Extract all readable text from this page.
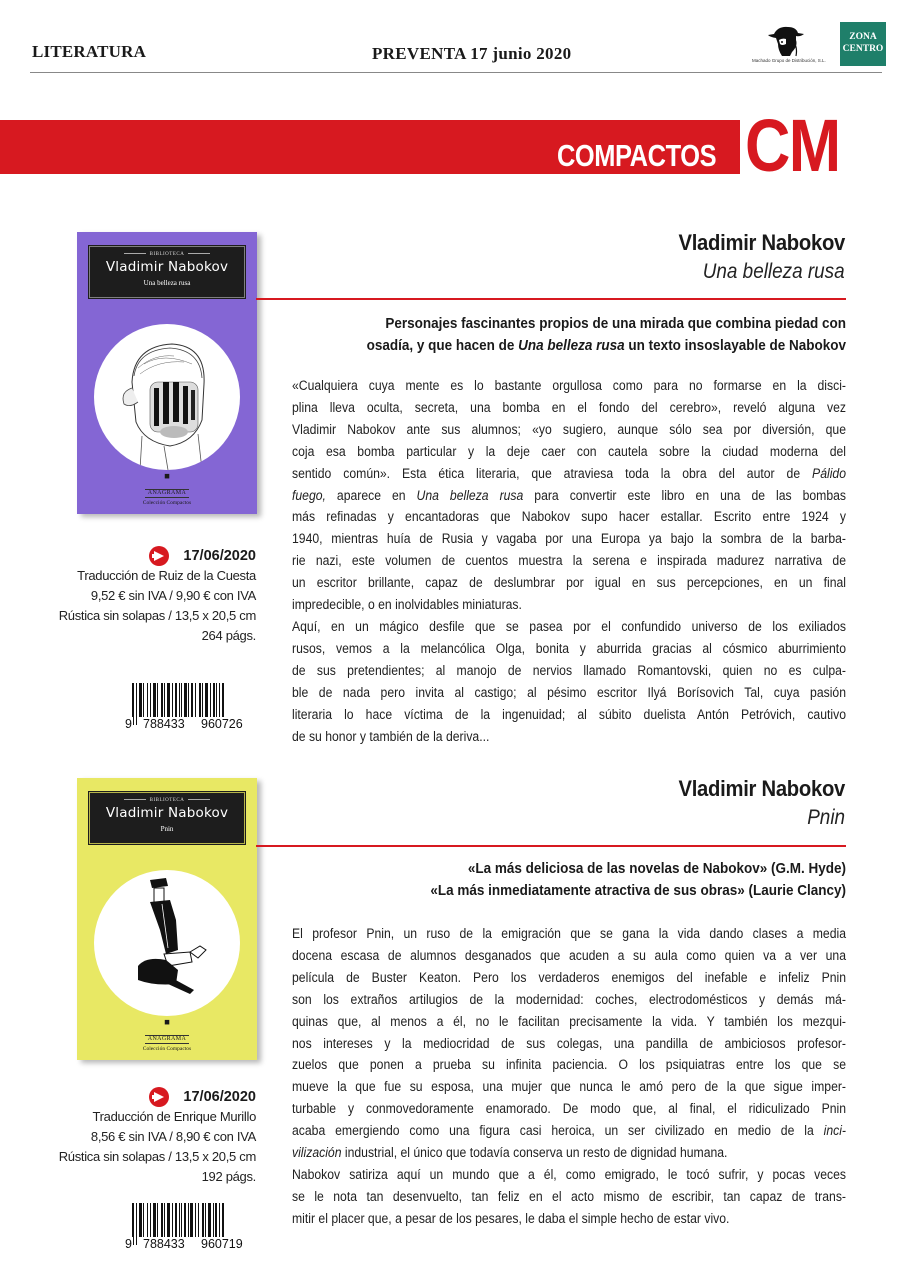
LITERATURA	PREVENTA 17 junio 2020	Machado Grupo de Distribución, S.L.
ZONA
CENTRO
COMPACTOS CM
BIBLIOTECA
Vladimir Nabokov
Una belleza rusa
◼
ANAGRAMA
Colección Compactos
17/06/2020
Traducción de Ruiz de la Cuesta
9,52 € sin IVA / 9,90 € con IVA
Rústica sin solapas / 13,5 x 20,5 cm
264 págs.
9 788433 960726
Vladimir Nabokov
Una belleza rusa
Personajes fascinantes propios de una mirada que combina piedad con
osadía, y que hacen de Una belleza rusa un texto insoslayable de Nabokov
«Cualquiera cuya mente es lo bastante orgullosa como para no formarse en la disci-
plina lleva oculta, secreta, una bomba en el fondo del cerebro», reveló alguna vez
Vladimir Nabokov ante sus alumnos; «yo sugiero, aunque sólo sea por diversión, que
coja esa bomba particular y la deje caer con cautela sobre la ciudad moderna del
sentido común». Esta ética literaria, que atraviesa toda la obra del autor de Pálido
fuego, aparece en Una belleza rusa para convertir este libro en una de las bombas
más refinadas y encantadoras que Nabokov supo hacer estallar. Escrito entre 1924 y
1940, mientras huía de Rusia y vagaba por una Europa ya bajo la sombra de la barba-
rie nazi, este volumen de cuentos muestra la serena e inspirada madurez narrativa de
un escritor brillante, capaz de deslumbrar por igual en sus percepciones, en un final
impredecible, o en inolvidables miniaturas.
Aquí, en un mágico desfile que se pasea por el confundido universo de los exiliados
rusos, vemos a la melancólica Olga, bonita y aburrida gracias al cósmico aburrimiento
de sus pretendientes; al manojo de nervios llamado Romantovski, quien no es culpa-
ble de nada pero invita al castigo; al pésimo escritor Ilyá Borísovich Tal, cuya pasión
literaria lo hace víctima de la ingenuidad; al súbito duelista Antón Petróvich, cautivo
de su honor y también de la deriva...
BIBLIOTECA
Vladimir Nabokov
Pnin
◼
ANAGRAMA
Colección Compactos
17/06/2020
Traducción de Enrique Murillo
8,56 € sin IVA / 8,90 € con IVA
Rústica sin solapas / 13,5 x 20,5 cm
192 págs.
9 788433 960719
Vladimir Nabokov
Pnin
«La más deliciosa de las novelas de Nabokov» (G.M. Hyde)
«La más inmediatamente atractiva de sus obras» (Laurie Clancy)
El profesor Pnin, un ruso de la emigración que se gana la vida dando clases a media
docena escasa de alumnos desganados que acuden a su aula como quien va a ver una
película de Buster Keaton. Pero los verdaderos enemigos del inefable e infeliz Pnin
son los extraños artilugios de la modernidad: coches, electrodomésticos y demás má-
quinas que, al menos a él, no le facilitan precisamente la vida. Y también los mezqui-
nos intereses y la mediocridad de sus colegas, una pandilla de ambiciosos profesor-
zuelos que ponen a prueba su infinita paciencia. O los psiquiatras entre los que se
mueve la que fue su esposa, una mujer que nunca le amó pero de la que sigue imper-
turbable y conmovedoramente enamorado. De modo que, al final, el ridiculizado Pnin
acaba emergiendo como una figura casi heroica, un ser civilizado en medio de la inci-
vilización industrial, el único que todavía conserva un resto de dignidad humana.
Nabokov satiriza aquí un mundo que a él, como emigrado, le tocó sufrir, y pocas veces
se le nota tan desenvuelto, tan feliz en el acto mismo de escribir, tan capaz de trans-
mitir el placer que, a pesar de los pesares, le daba el simple hecho de estar vivo.
